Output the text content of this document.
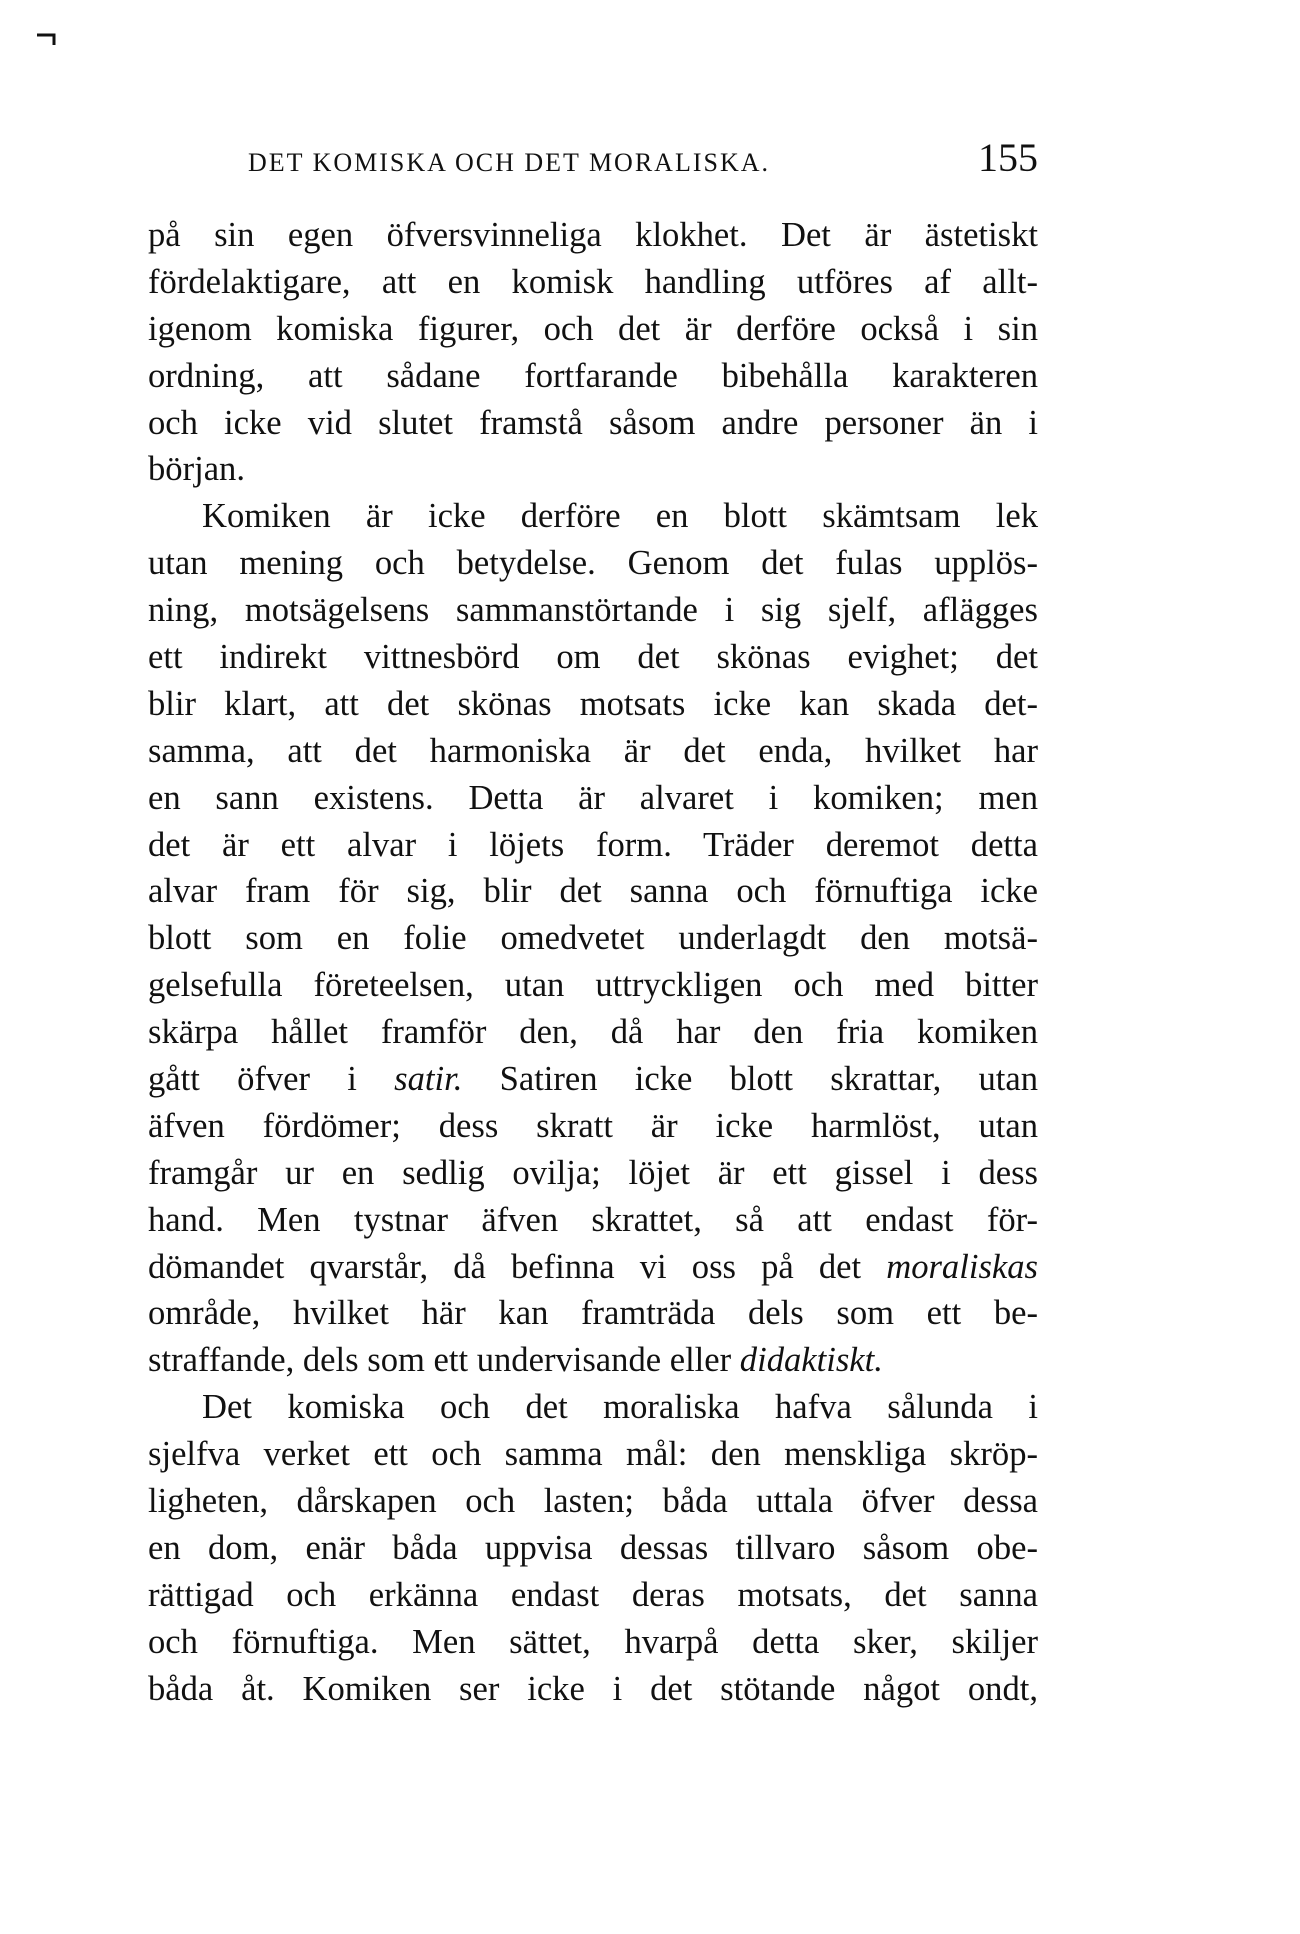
DET KOMISKA OCH DET MORALISKA.	155
på sin egen öfversvinneliga klokhet. Det är ästetiskt
fördelaktigare, att en komisk handling utföres af allt-
igenom komiska figurer, och det är derföre också i sin
ordning, att sådane fortfarande bibehålla karakteren
och icke vid slutet framstå såsom andre personer än i
början.
Komiken är icke derföre en blott skämtsam lek
utan mening och betydelse. Genom det fulas upplös-
ning, motsägelsens sammanstörtande i sig sjelf, aflägges
ett indirekt vittnesbörd om det skönas evighet; det
blir klart, att det skönas motsats icke kan skada det-
samma, att det harmoniska är det enda, hvilket har
en sann existens. Detta är alvaret i komiken; men
det är ett alvar i löjets form. Träder deremot detta
alvar fram för sig, blir det sanna och förnuftiga icke
blott som en folie omedvetet underlagdt den motsä-
gelsefulla företeelsen, utan uttryckligen och med bitter
skärpa hållet framför den, då har den fria komiken
gått öfver i satir. Satiren icke blott skrattar, utan
äfven fördömer; dess skratt är icke harmlöst, utan
framgår ur en sedlig ovilja; löjet är ett gissel i dess
hand. Men tystnar äfven skrattet, så att endast för-
dömandet qvarstår, då befinna vi oss på det moraliskas
område, hvilket här kan framträda dels som ett be-
straffande, dels som ett undervisande eller didaktiskt.
Det komiska och det moraliska hafva sålunda i
sjelfva verket ett och samma mål: den menskliga skröp-
ligheten, dårskapen och lasten; båda uttala öfver dessa
en dom, enär båda uppvisa dessas tillvaro såsom obe-
rättigad och erkänna endast deras motsats, det sanna
och förnuftiga. Men sättet, hvarpå detta sker, skiljer
båda åt. Komiken ser icke i det stötande något ondt,
